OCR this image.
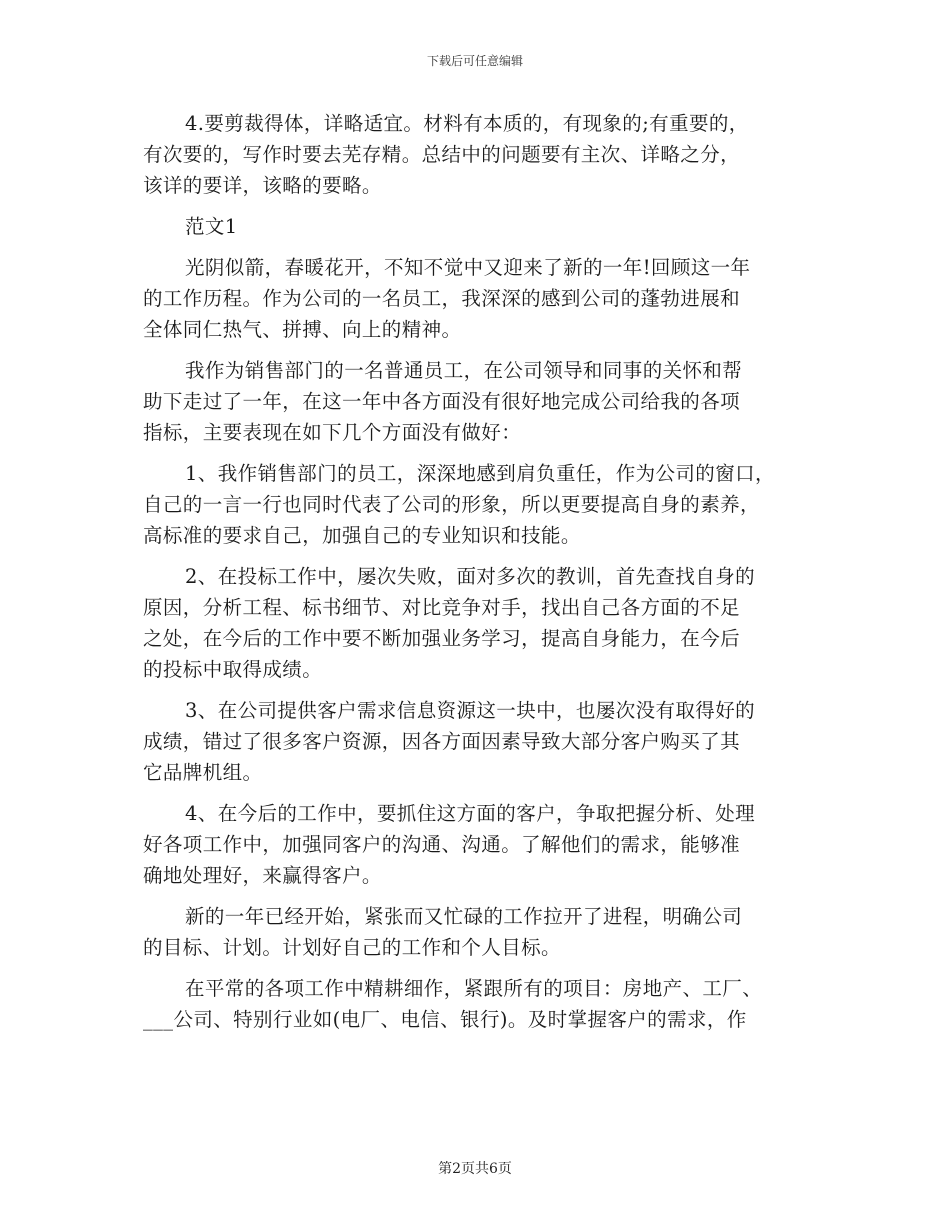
下载后可任意编辑
4.要剪裁得体，详略适宜。材料有本质的，有现象的;有重要的，
有次要的，写作时要去芜存精。总结中的问题要有主次、详略之分，
该详的要详，该略的要略。
范文1
光阴似箭，春暖花开，不知不觉中又迎来了新的一年!回顾这一年
的工作历程。作为公司的一名员工，我深深的感到公司的蓬勃进展和
全体同仁热气、拼搏、向上的精神。
我作为销售部门的一名普通员工，在公司领导和同事的关怀和帮
助下走过了一年，在这一年中各方面没有很好地完成公司给我的各项
指标，主要表现在如下几个方面没有做好：
1、我作销售部门的员工，深深地感到肩负重任，作为公司的窗口，
自己的一言一行也同时代表了公司的形象，所以更要提高自身的素养，
高标准的要求自己，加强自己的专业知识和技能。
2、在投标工作中，屡次失败，面对多次的教训，首先查找自身的
原因，分析工程、标书细节、对比竞争对手，找出自己各方面的不足
之处，在今后的工作中要不断加强业务学习，提高自身能力，在今后
的投标中取得成绩。
3、在公司提供客户需求信息资源这一块中，也屡次没有取得好的
成绩，错过了很多客户资源，因各方面因素导致大部分客户购买了其
它品牌机组。
4、在今后的工作中，要抓住这方面的客户，争取把握分析、处理
好各项工作中，加强同客户的沟通、沟通。了解他们的需求，能够准
确地处理好，来赢得客户。
新的一年已经开始，紧张而又忙碌的工作拉开了进程，明确公司
的目标、计划。计划好自己的工作和个人目标。
在平常的各项工作中精耕细作，紧跟所有的项目：房地产、工厂、
___公司、特别行业如(电厂、电信、银行)。及时掌握客户的需求，作
第2页共6页
